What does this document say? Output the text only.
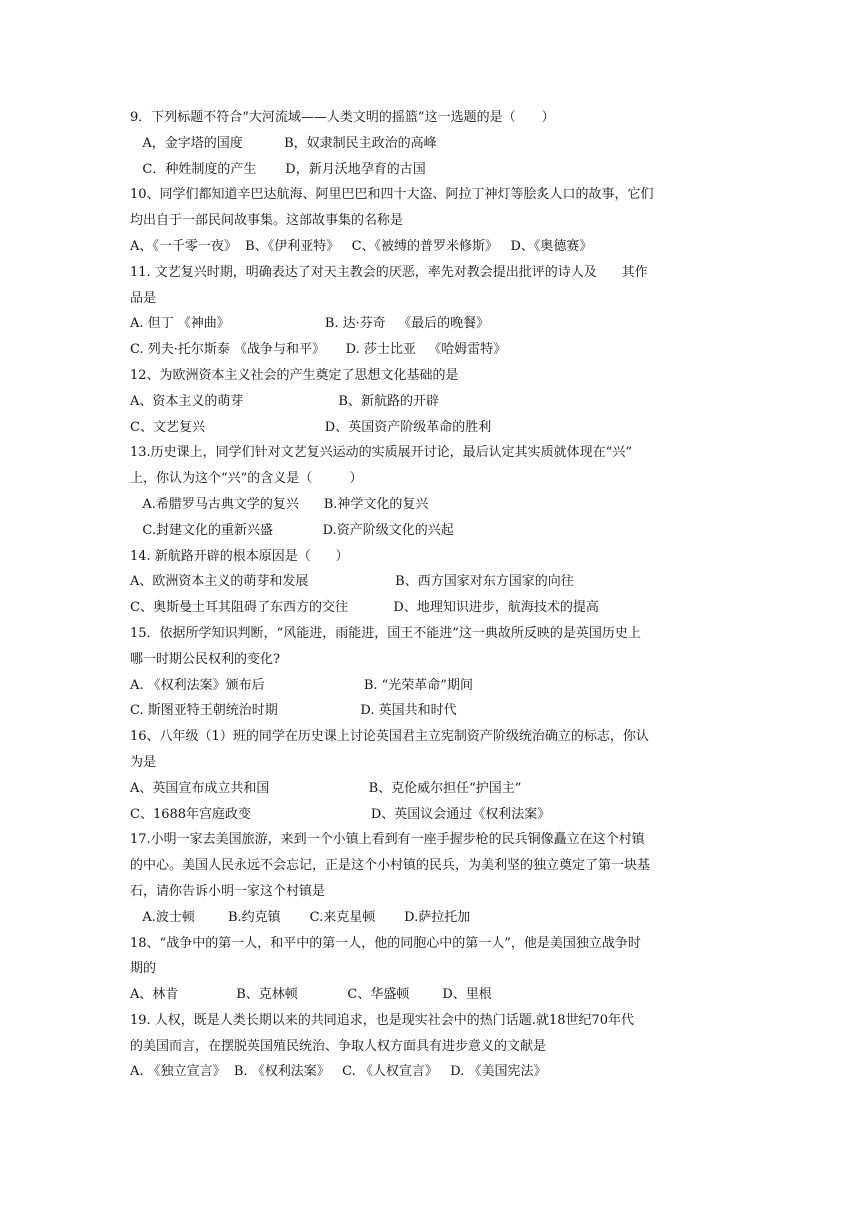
9．下列标题不符合“大河流域——人类文明的摇篮”这一选题的是（　　）
A，金字塔的国度          B，奴隶制民主政治的高峰
C．种姓制度的产生       D，新月沃地孕育的古国
10、同学们都知道辛巴达航海、阿里巴巴和四十大盗、阿拉丁神灯等脍炙人口的故事，它们
均出自于一部民间故事集。这部故事集的名称是
A、《一千零一夜》  B、《伊利亚特》   C、《被缚的普罗米修斯》   D、《奥德赛》
11. 文艺复兴时期，明确表达了对天主教会的厌恶，率先对教会提出批评的诗人及      其作
品是
A. 但丁 《神曲》                       B. 达·芬奇   《最后的晚餐》
C. 列夫·托尔斯泰 《战争与和平》     D. 莎士比亚   《哈姆雷特》
12、为欧洲资本主义社会的产生奠定了思想文化基础的是
A、资本主义的萌芽                       B、新航路的开辟
C、文艺复兴                             D、英国资产阶级革命的胜利
13.历史课上，同学们针对文艺复兴运动的实质展开讨论，最后认定其实质就体现在“兴”
上，你认为这个“兴”的含义是（         ）
A.希腊罗马古典文学的复兴      B.神学文化的复兴
C.封建文化的重新兴盛            D.资产阶级文化的兴起
14. 新航路开辟的根本原因是（      ）
A、欧洲资本主义的萌芽和发展                     B、西方国家对东方国家的向往
C、奥斯曼土耳其阻碍了东西方的交往           D、地理知识进步，航海技术的提高
15．依据所学知识判断，“风能进，雨能进，国王不能进”这一典故所反映的是英国历史上
哪一时期公民权利的变化?
A. 《权利法案》颁布后                        B. “光荣革命”期间
C. 斯图亚特王朝统治时期                    D. 英国共和时代
16、八年级（1）班的同学在历史课上讨论英国君主立宪制资产阶级统治确立的标志，你认
为是
A、英国宣布成立共和国                        B、克伦威尔担任“护国主”
C、1688年宫庭政变                             D、英国议会通过《权利法案》
17.小明一家去美国旅游，来到一个小镇上看到有一座手握步枪的民兵铜像矗立在这个村镇
的中心。美国人民永远不会忘记，正是这个小村镇的民兵，为美利坚的独立奠定了第一块基
石，请你告诉小明一家这个村镇是
A.波士顿        B.约克镇       C.来克星顿       D.萨拉托加
18、“战争中的第一人，和平中的第一人，他的同胞心中的第一人”，他是美国独立战争时
期的
A、林肯              B、克林顿            C、华盛顿        D、里根
19. 人权，既是人类长期以来的共同追求，也是现实社会中的热门话题.就18世纪70年代
的美国而言，在摆脱英国殖民统治、争取人权方面具有进步意义的文献是
A. 《独立宣言》  B. 《权利法案》   C. 《人权宣言》   D. 《美国宪法》
